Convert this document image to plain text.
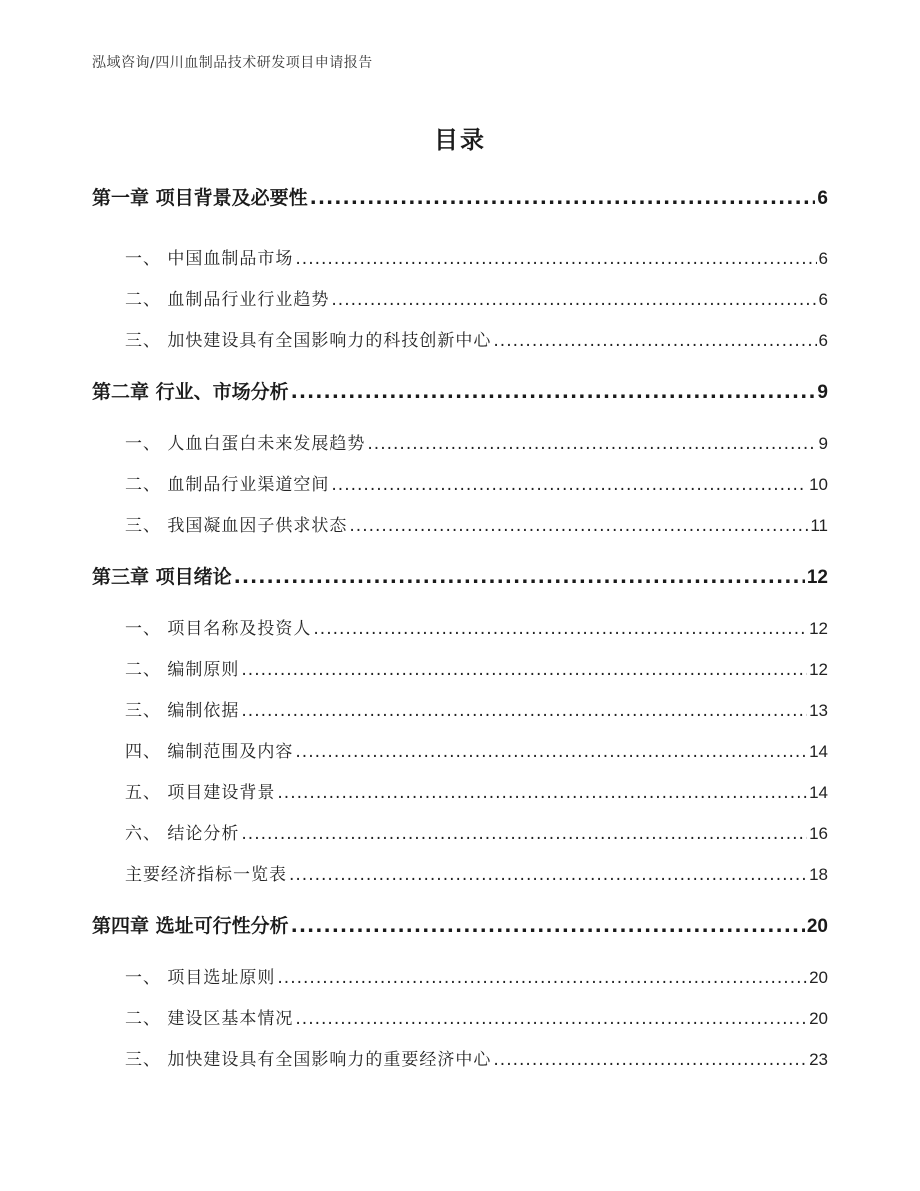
泓域咨询/四川血制品技术研发项目申请报告
目录
第一章 项目背景及必要性 .....	6
一、 中国血制品市场 .....	6
二、 血制品行业行业趋势 .....	6
三、 加快建设具有全国影响力的科技创新中心 .....	6
第二章 行业、市场分析 .....	9
一、 人血白蛋白未来发展趋势 .....	9
二、 血制品行业渠道空间 .....	10
三、 我国凝血因子供求状态 .....	11
第三章 项目绪论 .....	12
一、 项目名称及投资人 .....	12
二、 编制原则 .....	12
三、 编制依据 .....	13
四、 编制范围及内容 .....	14
五、 项目建设背景 .....	14
六、 结论分析 .....	16
主要经济指标一览表 .....	18
第四章 选址可行性分析 .....	20
一、 项目选址原则 .....	20
二、 建设区基本情况 .....	20
三、 加快建设具有全国影响力的重要经济中心 .....	23
